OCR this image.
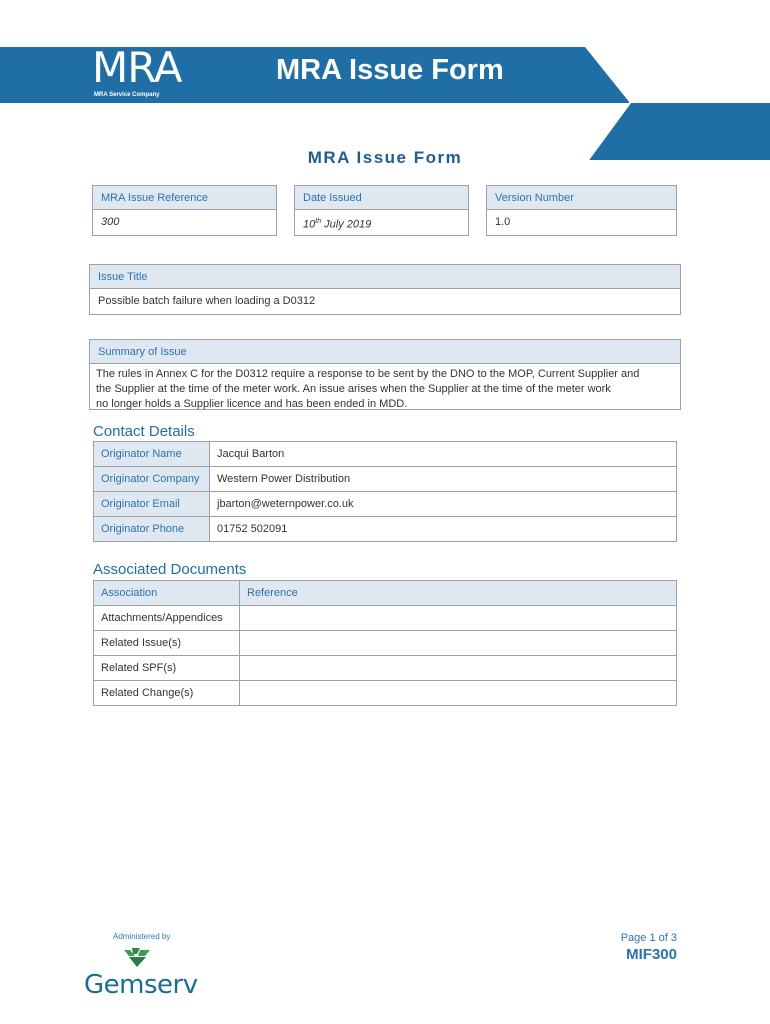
MRA
MRA Service Company
MRA Issue Form
MRA Issue Form
MRA Issue Reference
300
Date Issued
10th July 2019
Version Number
1.0
Issue Title
Possible batch failure when loading a D0312
Summary of Issue
The rules in Annex C for the D0312 require a response to be sent by the DNO to the MOP, Current Supplier and
the Supplier at the time of the meter work. An issue arises when the Supplier at the time of the meter work
no longer holds a Supplier licence and has been ended in MDD.
Contact Details
Originator Name	Jacqui Barton
Originator Company	Western Power Distribution
Originator Email	jbarton@weternpower.co.uk
Originator Phone	01752 502091
Associated Documents
Association	Reference
Attachments/Appendices	
Related Issue(s)	
Related SPF(s)	
Related Change(s)	
Administered by
Gemserv
Page 1 of 3
MIF300
